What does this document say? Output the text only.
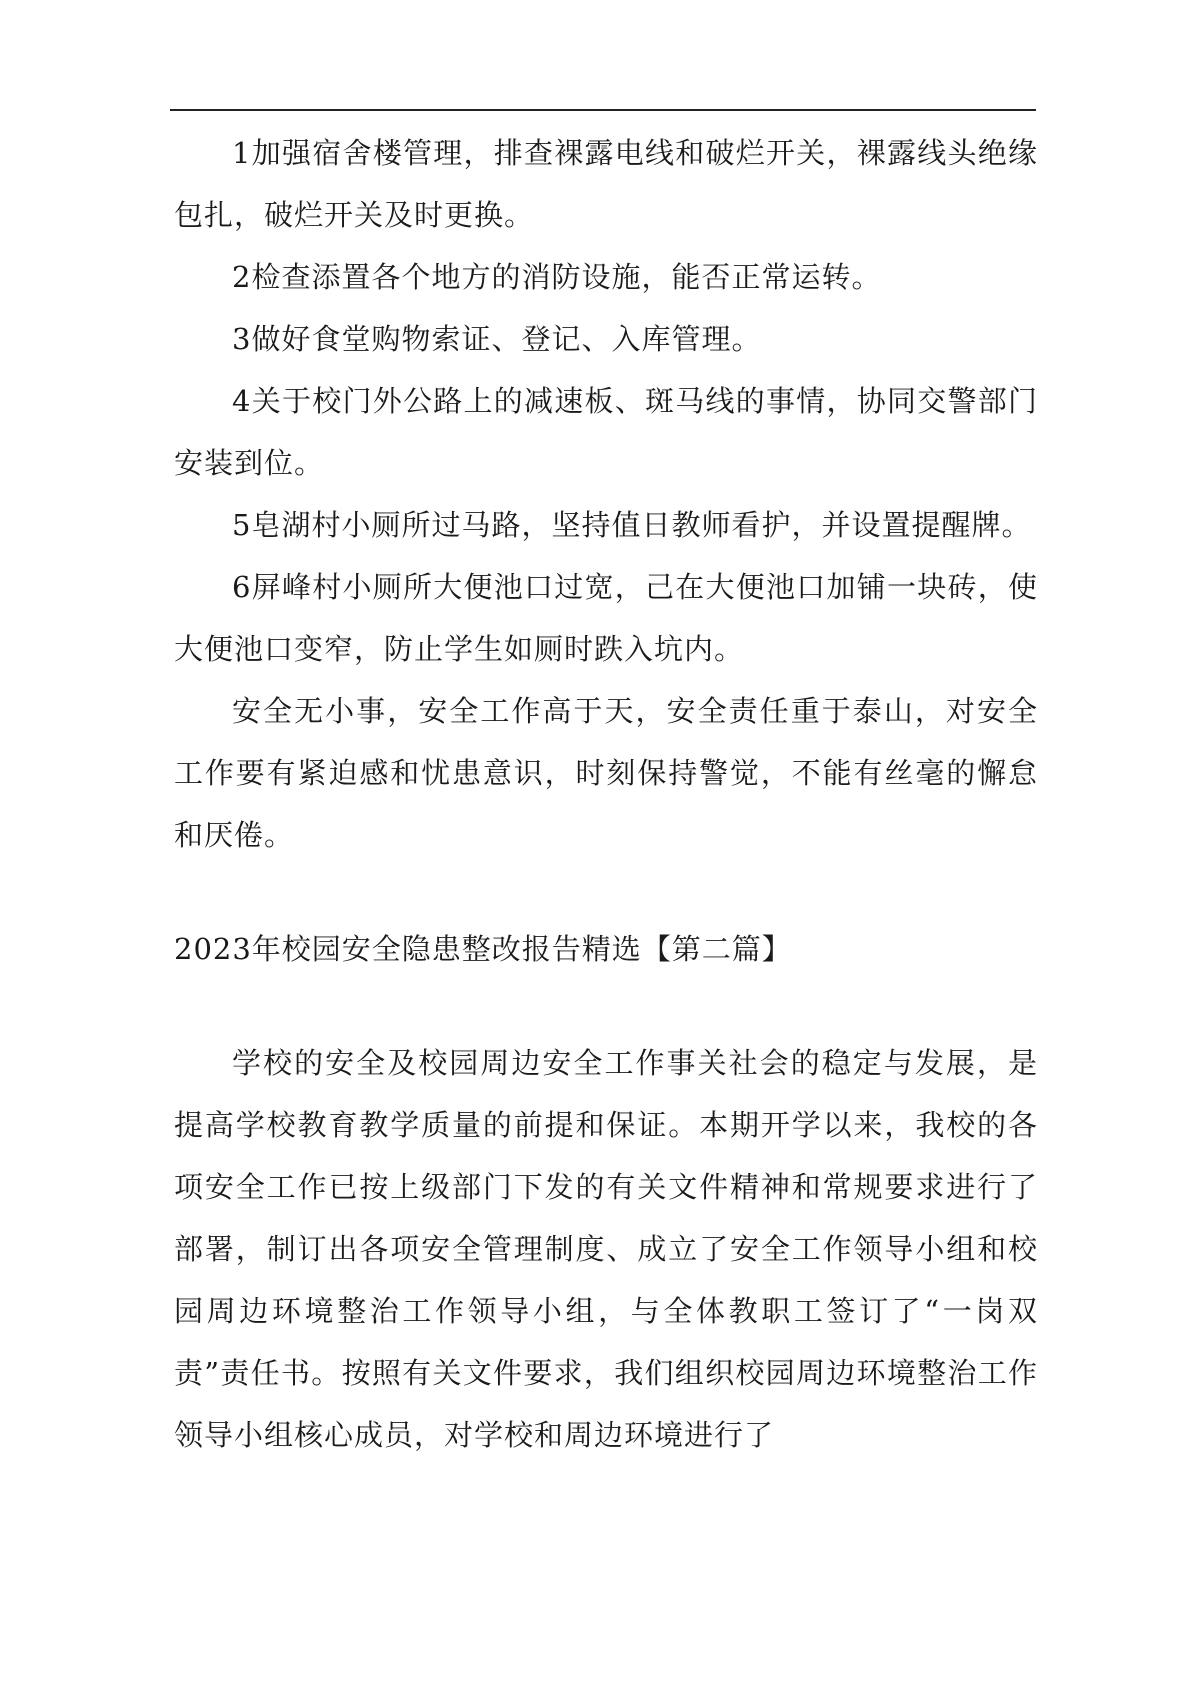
1加强宿舍楼管理，排查裸露电线和破烂开关，裸露线头绝缘包扎，破烂开关及时更换。

2检查添置各个地方的消防设施，能否正常运转。

3做好食堂购物索证、登记、入库管理。

4关于校门外公路上的减速板、斑马线的事情，协同交警部门安装到位。

5皂湖村小厕所过马路，坚持值日教师看护，并设置提醒牌。

6屏峰村小厕所大便池口过宽，己在大便池口加铺一块砖，使大便池口变窄，防止学生如厕时跌入坑内。

安全无小事，安全工作高于天，安全责任重于泰山，对安全工作要有紧迫感和忧患意识，时刻保持警觉，不能有丝毫的懈怠和厌倦。

2023年校园安全隐患整改报告精选【第二篇】

学校的安全及校园周边安全工作事关社会的稳定与发展，是提高学校教育教学质量的前提和保证。本期开学以来，我校的各项安全工作已按上级部门下发的有关文件精神和常规要求进行了部署，制订出各项安全管理制度、成立了安全工作领导小组和校园周边环境整治工作领导小组，与全体教职工签订了“一岗双责”责任书。按照有关文件要求，我们组织校园周边环境整治工作领导小组核心成员，对学校和周边环境进行了
